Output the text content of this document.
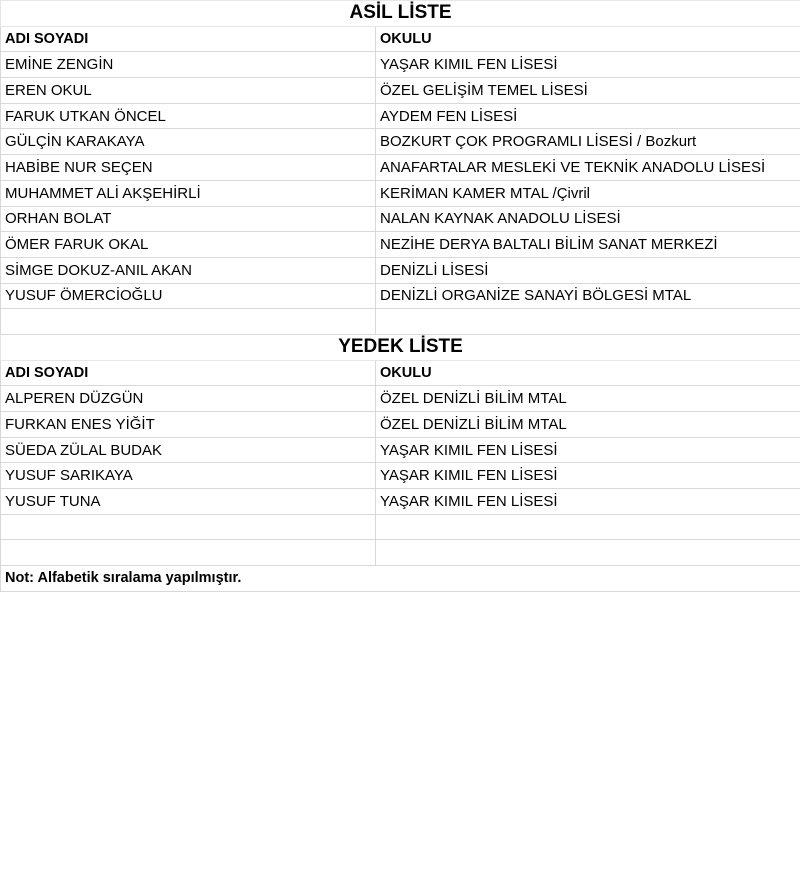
ASİL LİSTE	
ADI SOYADI	OKULU
EMİNE ZENGİN	YAŞAR KIMIL FEN LİSESİ
EREN OKUL	ÖZEL GELİŞİM TEMEL LİSESİ
FARUK UTKAN ÖNCEL	AYDEM FEN LİSESİ
GÜLÇİN KARAKAYA	BOZKURT ÇOK PROGRAMLI LİSESİ / Bozkurt
HABİBE NUR SEÇEN	ANAFARTALAR MESLEKİ VE TEKNİK ANADOLU LİSESİ
MUHAMMET ALİ AKŞEHİRLİ	KERİMAN KAMER MTAL /Çivril
ORHAN BOLAT	NALAN KAYNAK ANADOLU LİSESİ
ÖMER FARUK OKAL	NEZİHE DERYA BALTALI BİLİM SANAT MERKEZİ
SİMGE DOKUZ-ANIL AKAN	DENİZLİ LİSESİ
YUSUF ÖMERCİOĞLU	DENİZLİ ORGANİZE SANAYİ BÖLGESİ MTAL

YEDEK LİSTE	
ADI SOYADI	OKULU
ALPEREN DÜZGÜN	ÖZEL DENİZLİ BİLİM MTAL
FURKAN ENES YİĞİT	ÖZEL DENİZLİ BİLİM MTAL
SÜEDA ZÜLAL BUDAK	YAŞAR KIMIL FEN LİSESİ
YUSUF SARIKAYA	YAŞAR KIMIL FEN LİSESİ
YUSUF TUNA	YAŞAR KIMIL FEN LİSESİ

Not: Alfabetik sıralama yapılmıştır.	
